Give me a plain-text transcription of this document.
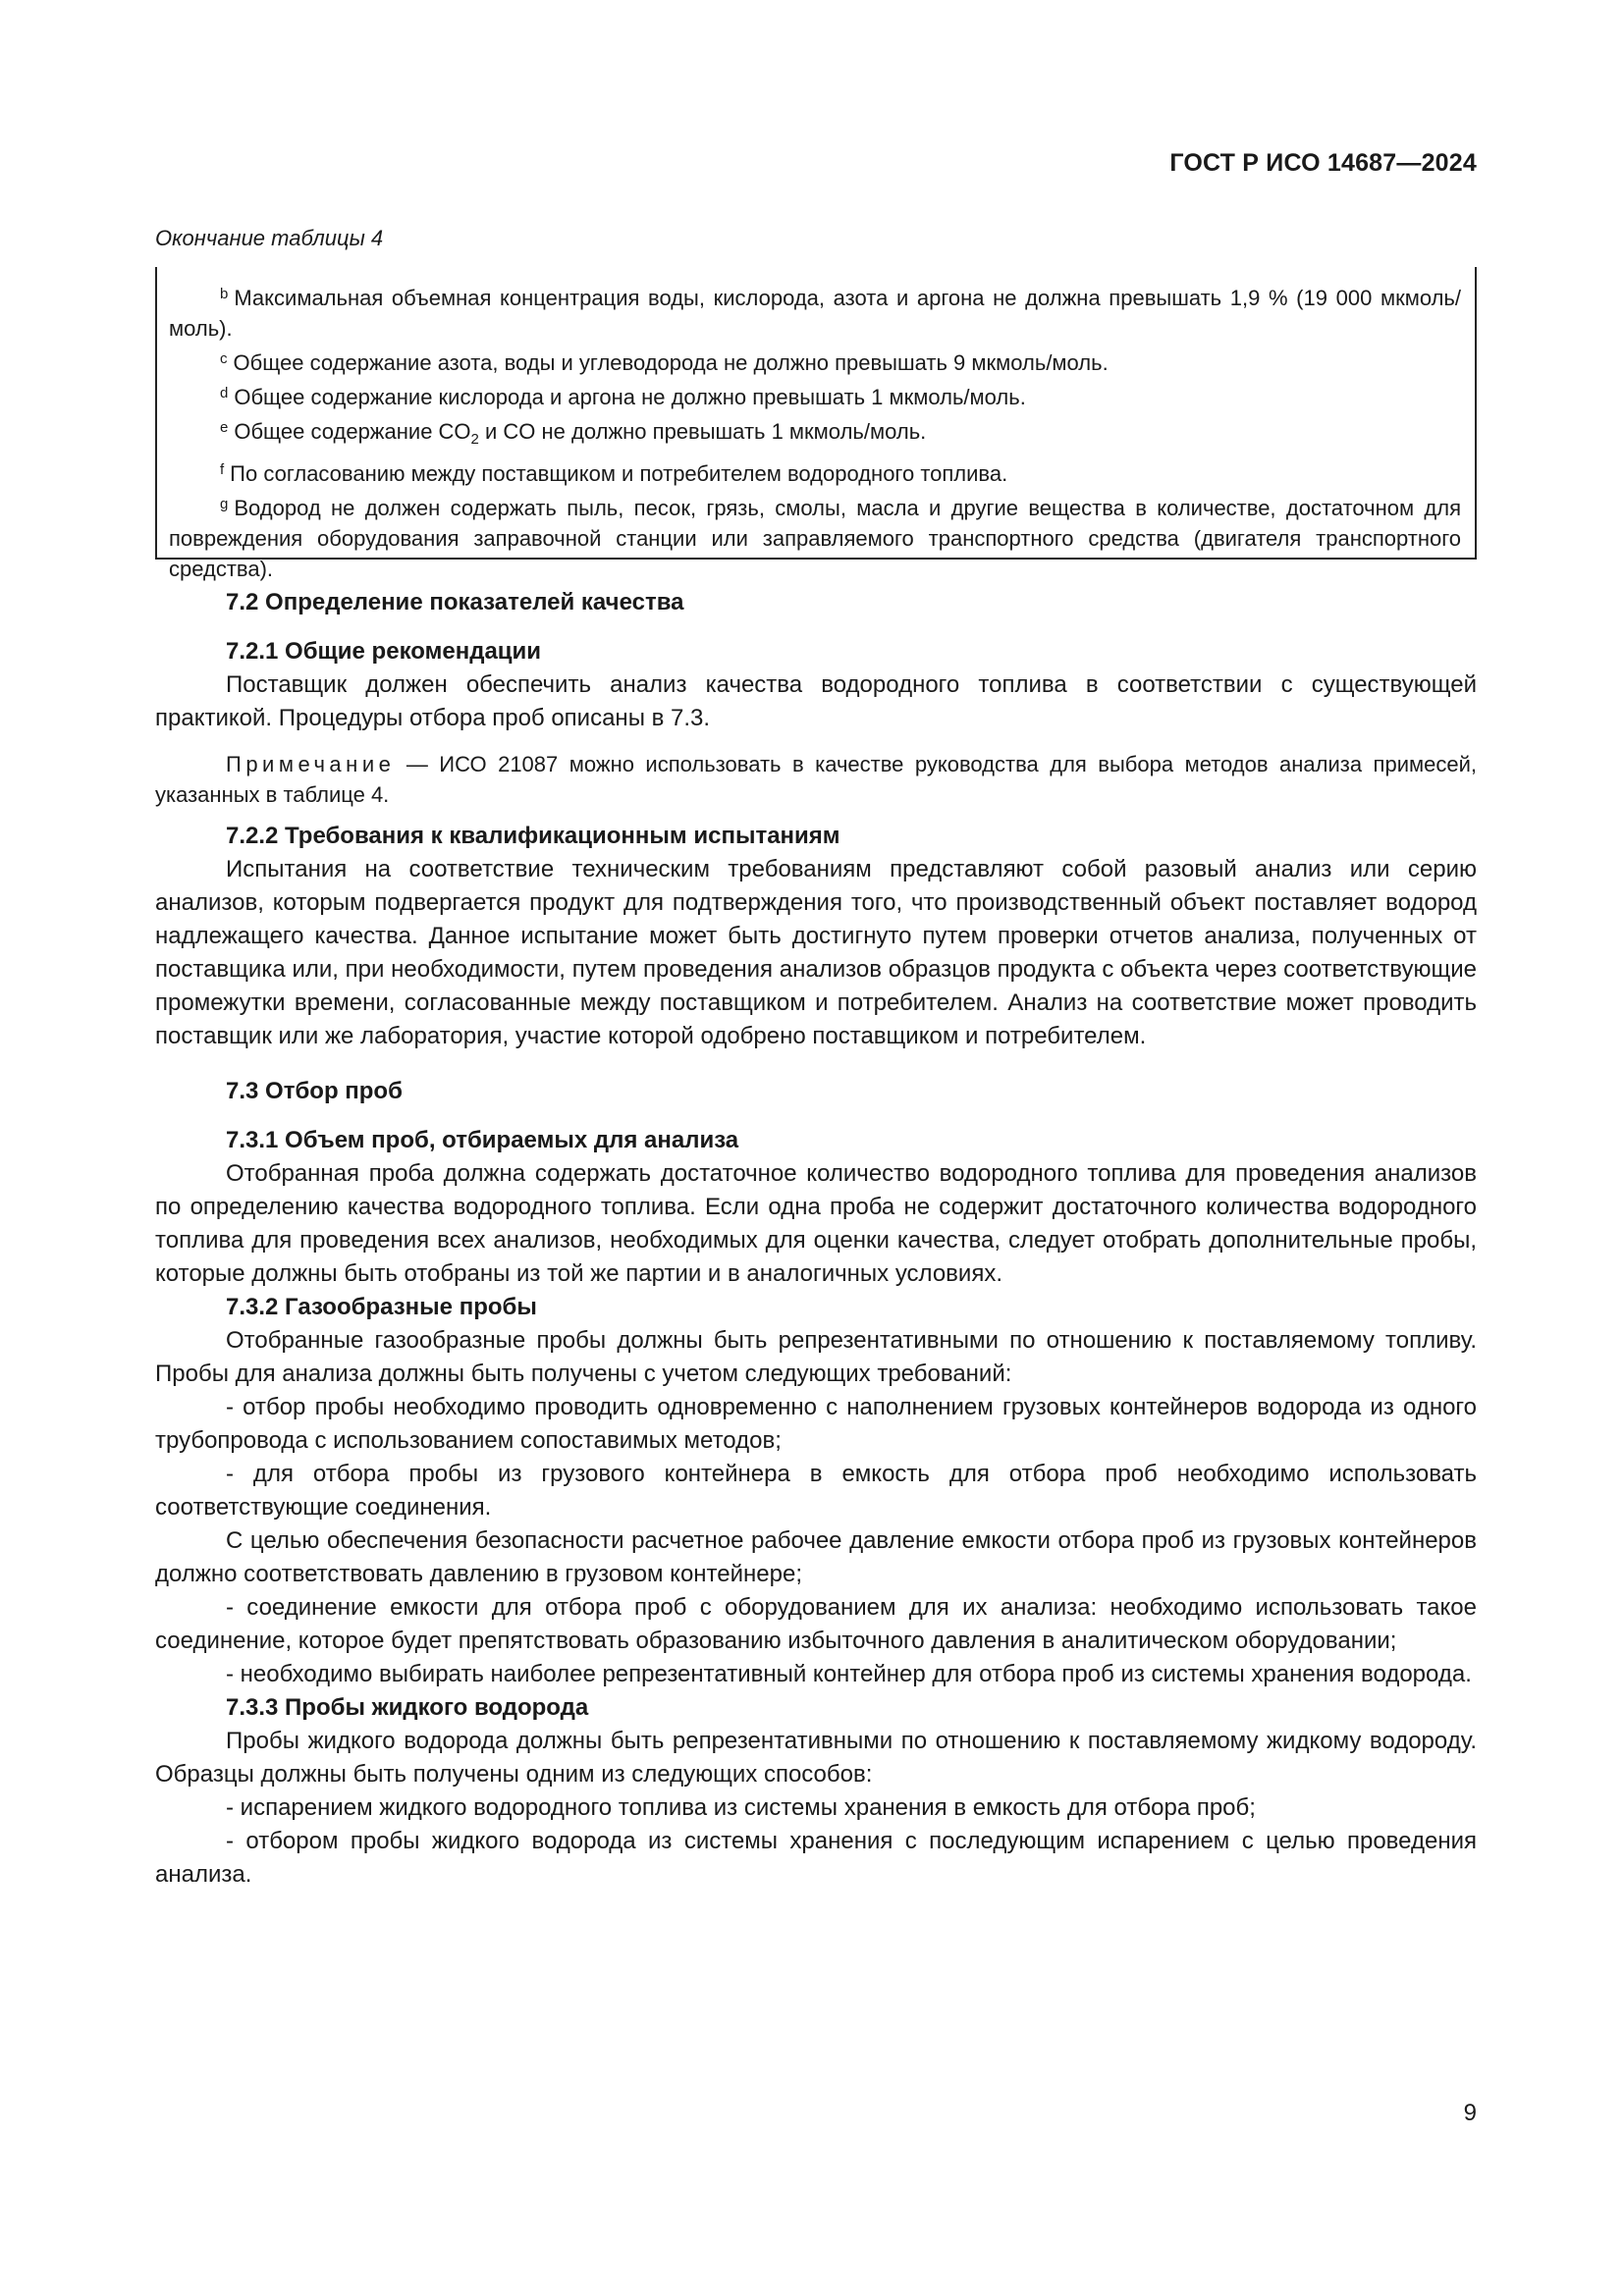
ГОСТ Р ИСО 14687—2024
Окончание таблицы 4

$^b$ Максимальная объемная концентрация воды, кислорода, азота и аргона не должна превышать 1,9 % (19 000 мкмоль/моль).

$^c$ Общее содержание азота, воды и углеводорода не должно превышать 9 мкмоль/моль.

$^d$ Общее содержание кислорода и аргона не должно превышать 1 мкмоль/моль.

$^e$ Общее содержание $CO_2$ и CO не должно превышать 1 мкмоль/моль.

$^f$ По согласованию между поставщиком и потребителем водородного топлива.

$^g$ Водород не должен содержать пыль, песок, грязь, смолы, масла и другие вещества в количестве, достаточном для повреждения оборудования заправочной станции или заправляемого транспортного средства (двигателя транспортного средства).

7.2 Определение показателей качества
7.2.1 Общие рекомендации

Поставщик должен обеспечить анализ качества водородного топлива в соответствии с существующей практикой. Процедуры отбора проб описаны в 7.3.

Примечание — ИСО 21087 можно использовать в качестве руководства для выбора методов анализа примесей, указанных в таблице 4.

7.2.2 Требования к квалификационным испытаниям

Испытания на соответствие техническим требованиям представляют собой разовый анализ или серию анализов, которым подвергается продукт для подтверждения того, что производственный объект поставляет водород надлежащего качества. Данное испытание может быть достигнуто путем проверки отчетов анализа, полученных от поставщика или, при необходимости, путем проведения анализов образцов продукта с объекта через соответствующие промежутки времени, согласованные между поставщиком и потребителем. Анализ на соответствие может проводить поставщик или же лаборатория, участие которой одобрено поставщиком и потребителем.

7.3 Отбор проб
7.3.1 Объем проб, отбираемых для анализа

Отобранная проба должна содержать достаточное количество водородного топлива для проведения анализов по определению качества водородного топлива. Если одна проба не содержит достаточного количества водородного топлива для проведения всех анализов, необходимых для оценки качества, следует отобрать дополнительные пробы, которые должны быть отобраны из той же партии и в аналогичных условиях.

7.3.2 Газообразные пробы

Отобранные газообразные пробы должны быть репрезентативными по отношению к поставляемому топливу. Пробы для анализа должны быть получены с учетом следующих требований:

- отбор пробы необходимо проводить одновременно с наполнением грузовых контейнеров водорода из одного трубопровода с использованием сопоставимых методов;

- для отбора пробы из грузового контейнера в емкость для отбора проб необходимо использовать соответствующие соединения.

С целью обеспечения безопасности расчетное рабочее давление емкости отбора проб из грузовых контейнеров должно соответствовать давлению в грузовом контейнере;

- соединение емкости для отбора проб с оборудованием для их анализа: необходимо использовать такое соединение, которое будет препятствовать образованию избыточного давления в аналитическом оборудовании;

- необходимо выбирать наиболее репрезентативный контейнер для отбора проб из системы хранения водорода.

7.3.3 Пробы жидкого водорода

Пробы жидкого водорода должны быть репрезентативными по отношению к поставляемому жидкому водороду. Образцы должны быть получены одним из следующих способов:

- испарением жидкого водородного топлива из системы хранения в емкость для отбора проб;

- отбором пробы жидкого водорода из системы хранения с последующим испарением с целью проведения анализа.

9
